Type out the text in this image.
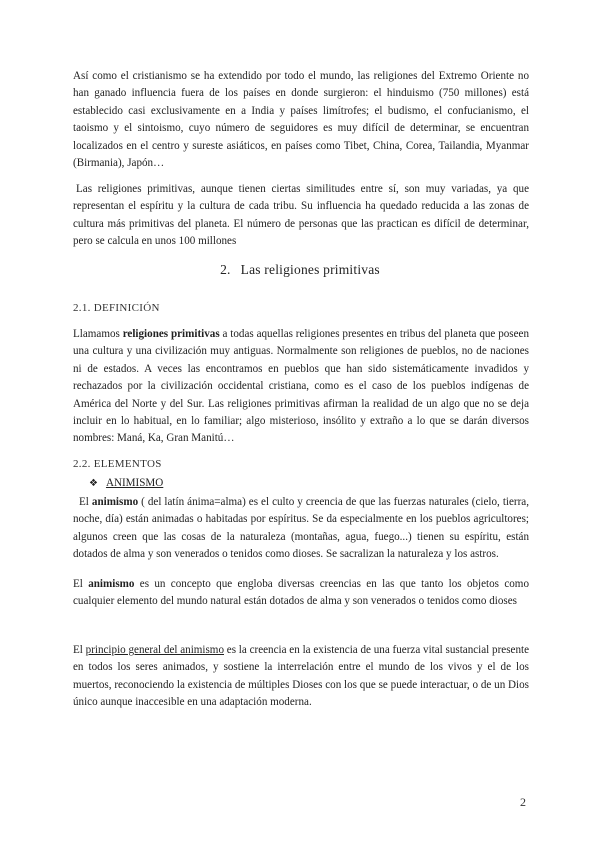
Así como el cristianismo se ha extendido por todo el mundo, las religiones del Extremo Oriente no han ganado influencia fuera de los países en donde surgieron: el hinduismo (750 millones) está establecido casi exclusivamente en a India y países limítrofes; el budismo, el confucianismo, el taoismo y el sintoismo, cuyo número de seguidores es muy difícil de determinar, se encuentran localizados en el centro y sureste asiáticos, en países como Tibet, China, Corea, Tailandia, Myanmar (Birmania), Japón…

Las religiones primitivas, aunque tienen ciertas similitudes entre sí, son muy variadas, ya que representan el espíritu y la cultura de cada tribu. Su influencia ha quedado reducida a las zonas de cultura más primitivas del planeta. El número de personas que las practican es difícil de determinar, pero se calcula en unos 100 millones

2. Las religiones primitivas
2.1. DEFINICIÓN

Llamamos religiones primitivas a todas aquellas religiones presentes en tribus del planeta que poseen una cultura y una civilización muy antiguas. Normalmente son religiones de pueblos, no de naciones ni de estados. A veces las encontramos en pueblos que han sido sistemáticamente invadidos y rechazados por la civilización occidental cristiana, como es el caso de los pueblos indígenas de América del Norte y del Sur. Las religiones primitivas afirman la realidad de un algo que no se deja incluir en lo habitual, en lo familiar; algo misterioso, insólito y extraño a lo que se darán diversos nombres: Maná, Ka, Gran Manitú…

2.2. ELEMENTOS
❖ ANIMISMO

El animismo ( del latín ánima=alma) es el culto y creencia de que las fuerzas naturales (cielo, tierra, noche, día) están animadas o habitadas por espíritus. Se da especialmente en los pueblos agricultores; algunos creen que las cosas de la naturaleza (montañas, agua, fuego...) tienen su espíritu, están dotados de alma y son venerados o tenidos como dioses. Se sacralizan la naturaleza y los astros.

El animismo es un concepto que engloba diversas creencias en las que tanto los objetos como cualquier elemento del mundo natural están dotados de alma y son venerados o tenidos como dioses

El principio general del animismo es la creencia en la existencia de una fuerza vital sustancial presente en todos los seres animados, y sostiene la interrelación entre el mundo de los vivos y el de los muertos, reconociendo la existencia de múltiples Dioses con los que se puede interactuar, o de un Dios único aunque inaccesible en una adaptación moderna.

2
